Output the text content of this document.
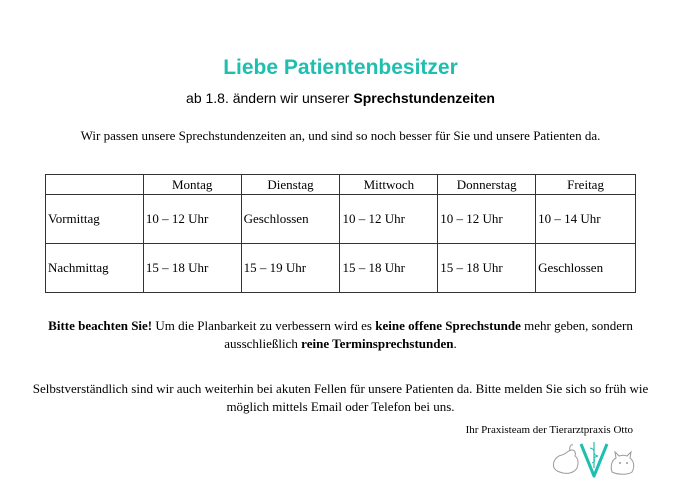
Liebe Patientenbesitzer
ab 1.8. ändern wir unserer Sprechstundenzeiten
Wir passen unsere Sprechstundenzeiten an, und sind so noch besser für Sie und unsere Patienten da.
	Montag	Dienstag	Mittwoch	Donnerstag	Freitag
Vormittag	10 – 12 Uhr	Geschlossen	10 – 12 Uhr	10 – 12 Uhr	10 – 14 Uhr
Nachmittag	15 – 18 Uhr	15 – 19 Uhr	15 – 18 Uhr	15 – 18 Uhr	Geschlossen
Bitte beachten Sie! Um die Planbarkeit zu verbessern wird es keine offene Sprechstunde mehr geben, sondern ausschließlich reine Terminsprechstunden.
Selbstverständlich sind wir auch weiterhin bei akuten Fellen für unsere Patienten da. Bitte melden Sie sich so früh wie möglich mittels Email oder Telefon bei uns.
Ihr Praxisteam der Tierarztpraxis Otto
